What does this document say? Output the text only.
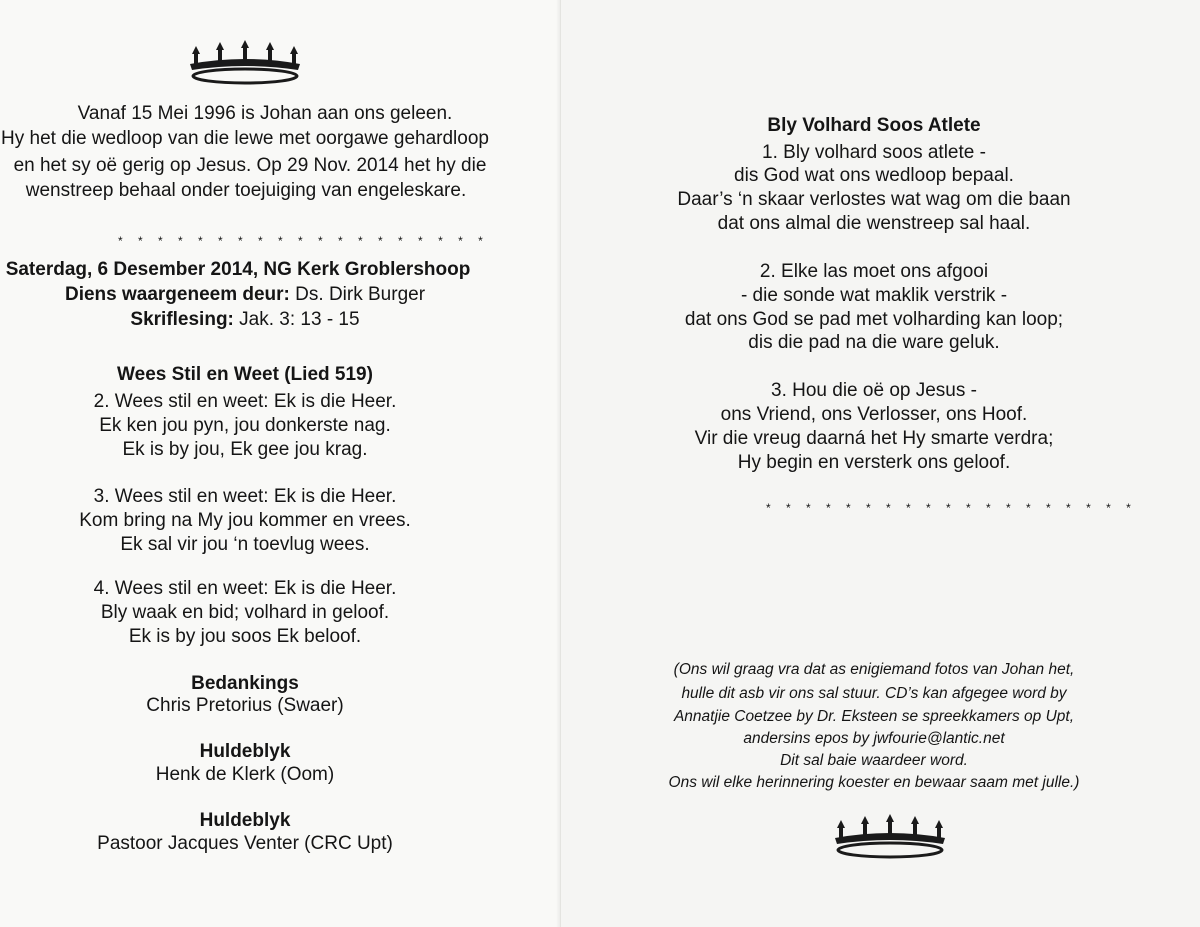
Vanaf 15 Mei 1996 is Johan aan ons geleen.
Hy het die wedloop van die lewe met oorgawe gehardloop
en het sy oë gerig op Jesus. Op 29 Nov. 2014 het hy die
wenstreep behaal onder toejuiging van engeleskare.
* * * * * * * * * * * * * * * * * * *
Saterdag, 6 Desember 2014, NG Kerk Groblershoop
Diens waargeneem deur: Ds. Dirk Burger
Skriflesing: Jak. 3: 13 - 15
Wees Stil en Weet (Lied 519)
2. Wees stil en weet: Ek is die Heer.
Ek ken jou pyn, jou donkerste nag.
Ek is by jou, Ek gee jou krag.
3. Wees stil en weet: Ek is die Heer.
Kom bring na My jou kommer en vrees.
Ek sal vir jou ‘n toevlug wees.
4. Wees stil en weet: Ek is die Heer.
Bly waak en bid; volhard in geloof.
Ek is by jou soos Ek beloof.
Bedankings
Chris Pretorius (Swaer)
Huldeblyk
Henk de Klerk (Oom)
Huldeblyk
Pastoor Jacques Venter (CRC Upt)
Bly Volhard Soos Atlete
1. Bly volhard soos atlete -
dis God wat ons wedloop bepaal.
Daar’s ‘n skaar verlostes wat wag om die baan
dat ons almal die wenstreep sal haal.
2. Elke las moet ons afgooi
- die sonde wat maklik verstrik -
dat ons God se pad met volharding kan loop;
dis die pad na die ware geluk.
3. Hou die oë op Jesus -
ons Vriend, ons Verlosser, ons Hoof.
Vir die vreug daarná het Hy smarte verdra;
Hy begin en versterk ons geloof.
* * * * * * * * * * * * * * * * * * *
(Ons wil graag vra dat as enigiemand fotos van Johan het,
hulle dit asb vir ons sal stuur. CD’s kan afgegee word by
Annatjie Coetzee by Dr. Eksteen se spreekkamers op Upt,
andersins epos by jwfourie@lantic.net
Dit sal baie waardeer word.
Ons wil elke herinnering koester en bewaar saam met julle.)
